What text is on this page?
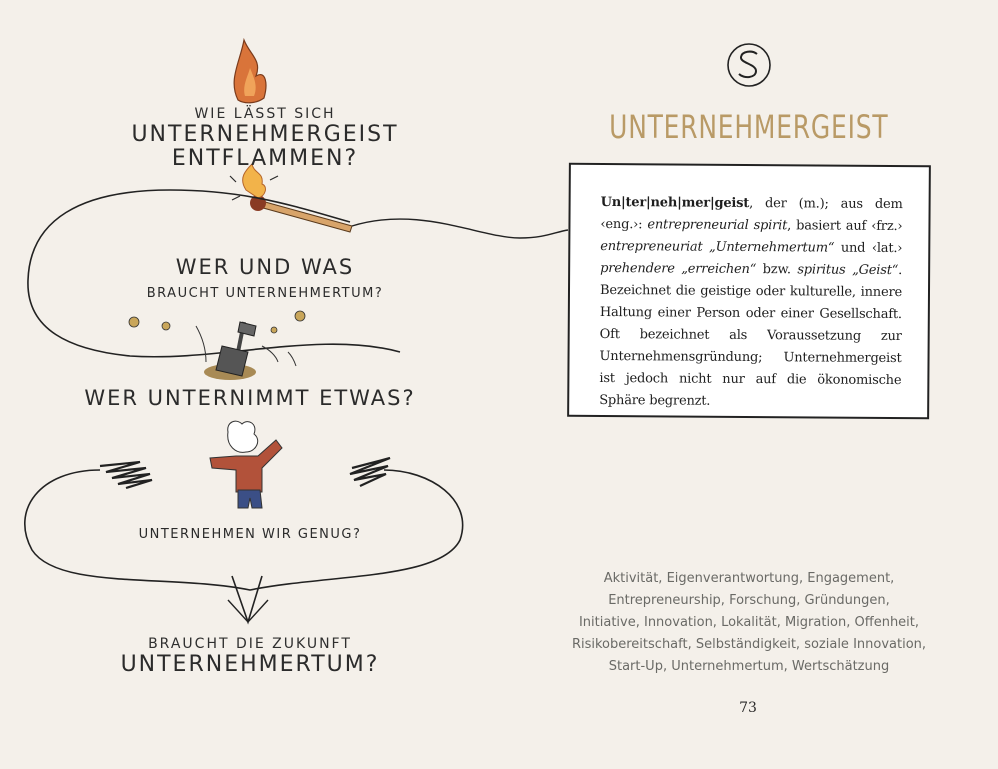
WIE LÄSST SICH
UNTERNEHMERGEIST
ENTFLAMMEN?
WER UND WAS
BRAUCHT UNTERNEHMERTUM?
WER UNTERNIMMT ETWAS?
UNTERNEHMEN WIR GENUG?
BRAUCHT DIE ZUKUNFT
UNTERNEHMERTUM?
UNTERNEHMERGEIST
Un|ter|neh|mer|geist, der (m.); aus dem ‹eng.›: entrepreneurial spirit, basiert auf ‹frz.› entrepreneuriat „Unternehmertum“ und ‹lat.› prehendere „erreichen“ bzw. spiritus „Geist“. Bezeichnet die geistige oder kulturelle, innere Haltung einer Person oder einer Gesellschaft. Oft bezeichnet als Voraussetzung zur Unternehmensgründung; Unternehmergeist ist jedoch nicht nur auf die ökonomische Sphäre begrenzt.
Aktivität, Eigenverantwortung, Engagement,
Entrepreneurship, Forschung, Gründungen,
Initiative, Innovation, Lokalität, Migration, Offenheit,
Risikobereitschaft, Selbständigkeit, soziale Innovation,
Start-Up, Unternehmertum, Wertschätzung
73
